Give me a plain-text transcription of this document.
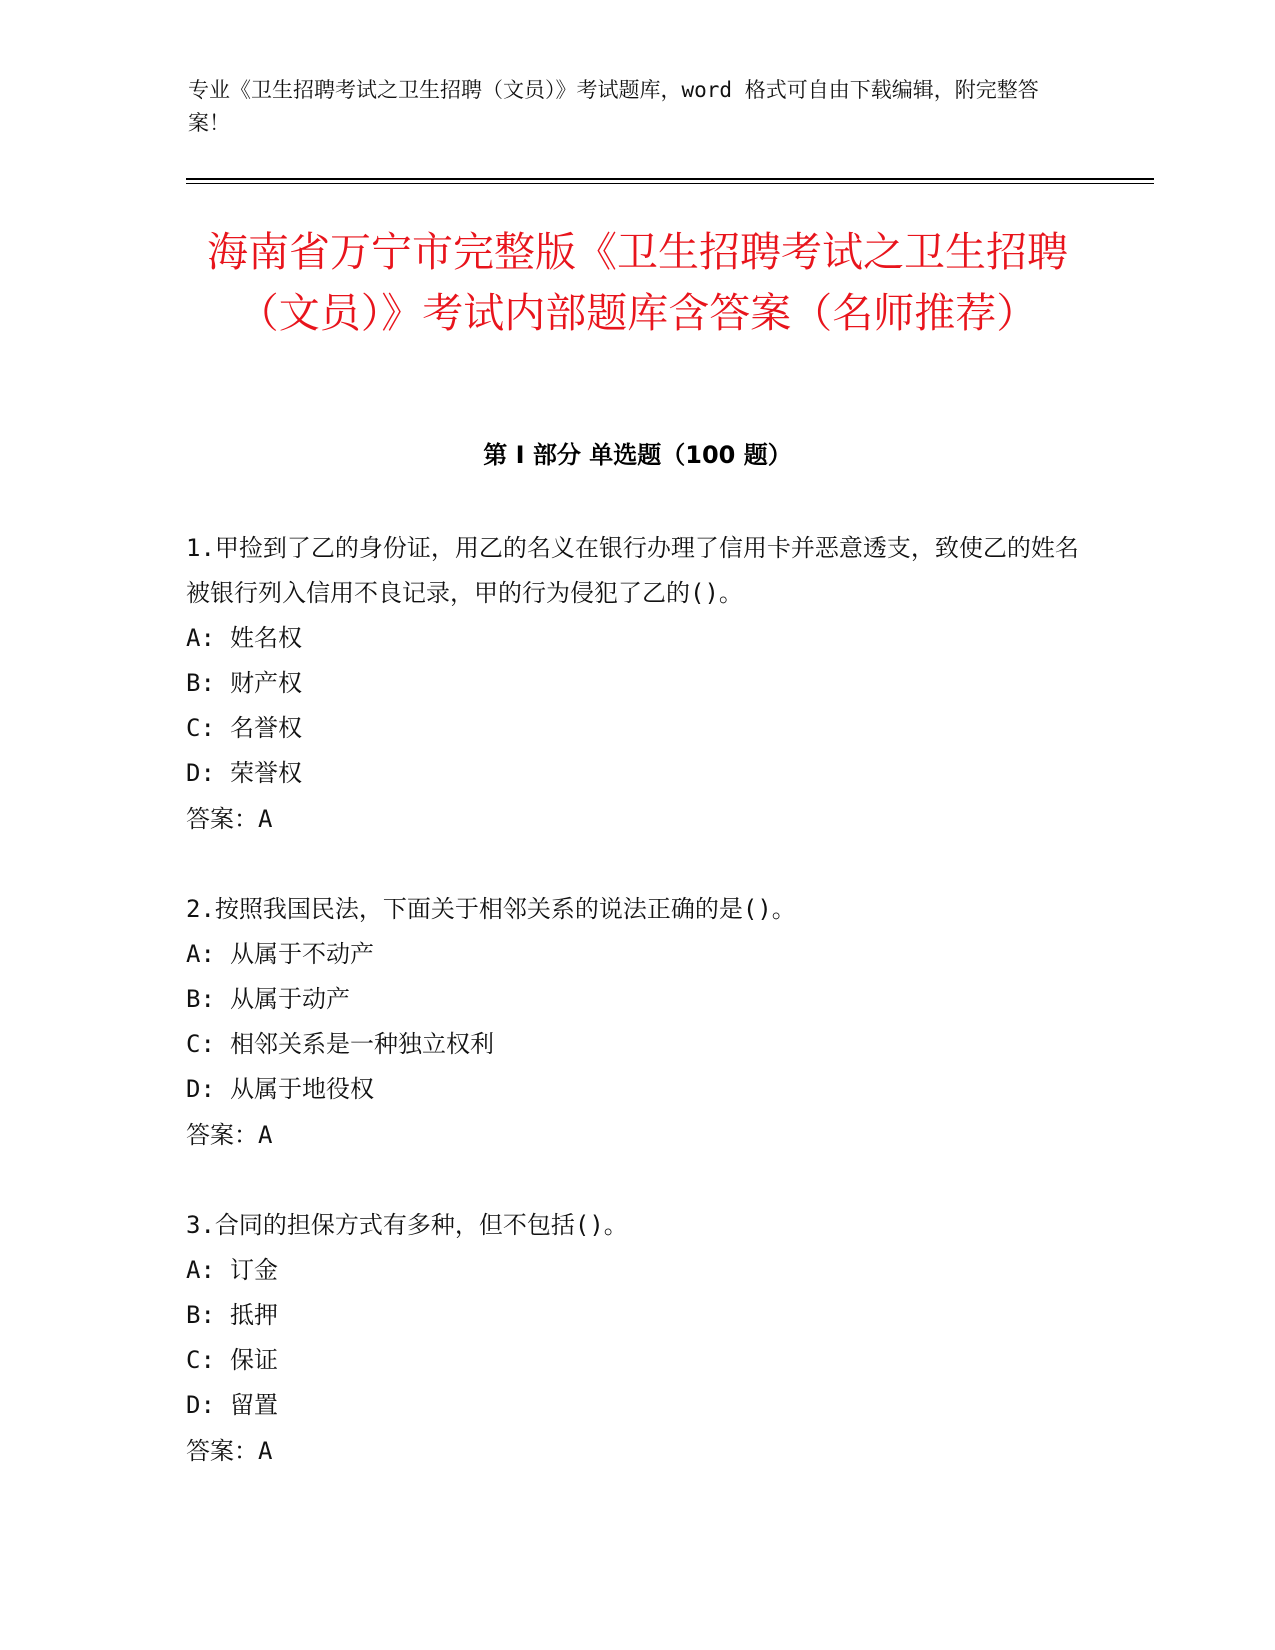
专业《卫生招聘考试之卫生招聘（文员）》考试题库，word 格式可自由下载编辑，附完整答案！
海南省万宁市完整版《卫生招聘考试之卫生招聘（文员）》考试内部题库含答案（名师推荐）
第 I 部分 单选题（100 题）
1.甲捡到了乙的身份证，用乙的名义在银行办理了信用卡并恶意透支，致使乙的姓名被银行列入信用不良记录，甲的行为侵犯了乙的()。
A: 姓名权
B: 财产权
C: 名誉权
D: 荣誉权
答案：A
2.按照我国民法，下面关于相邻关系的说法正确的是()。
A: 从属于不动产
B: 从属于动产
C: 相邻关系是一种独立权利
D: 从属于地役权
答案：A
3.合同的担保方式有多种，但不包括()。
A: 订金
B: 抵押
C: 保证
D: 留置
答案：A
